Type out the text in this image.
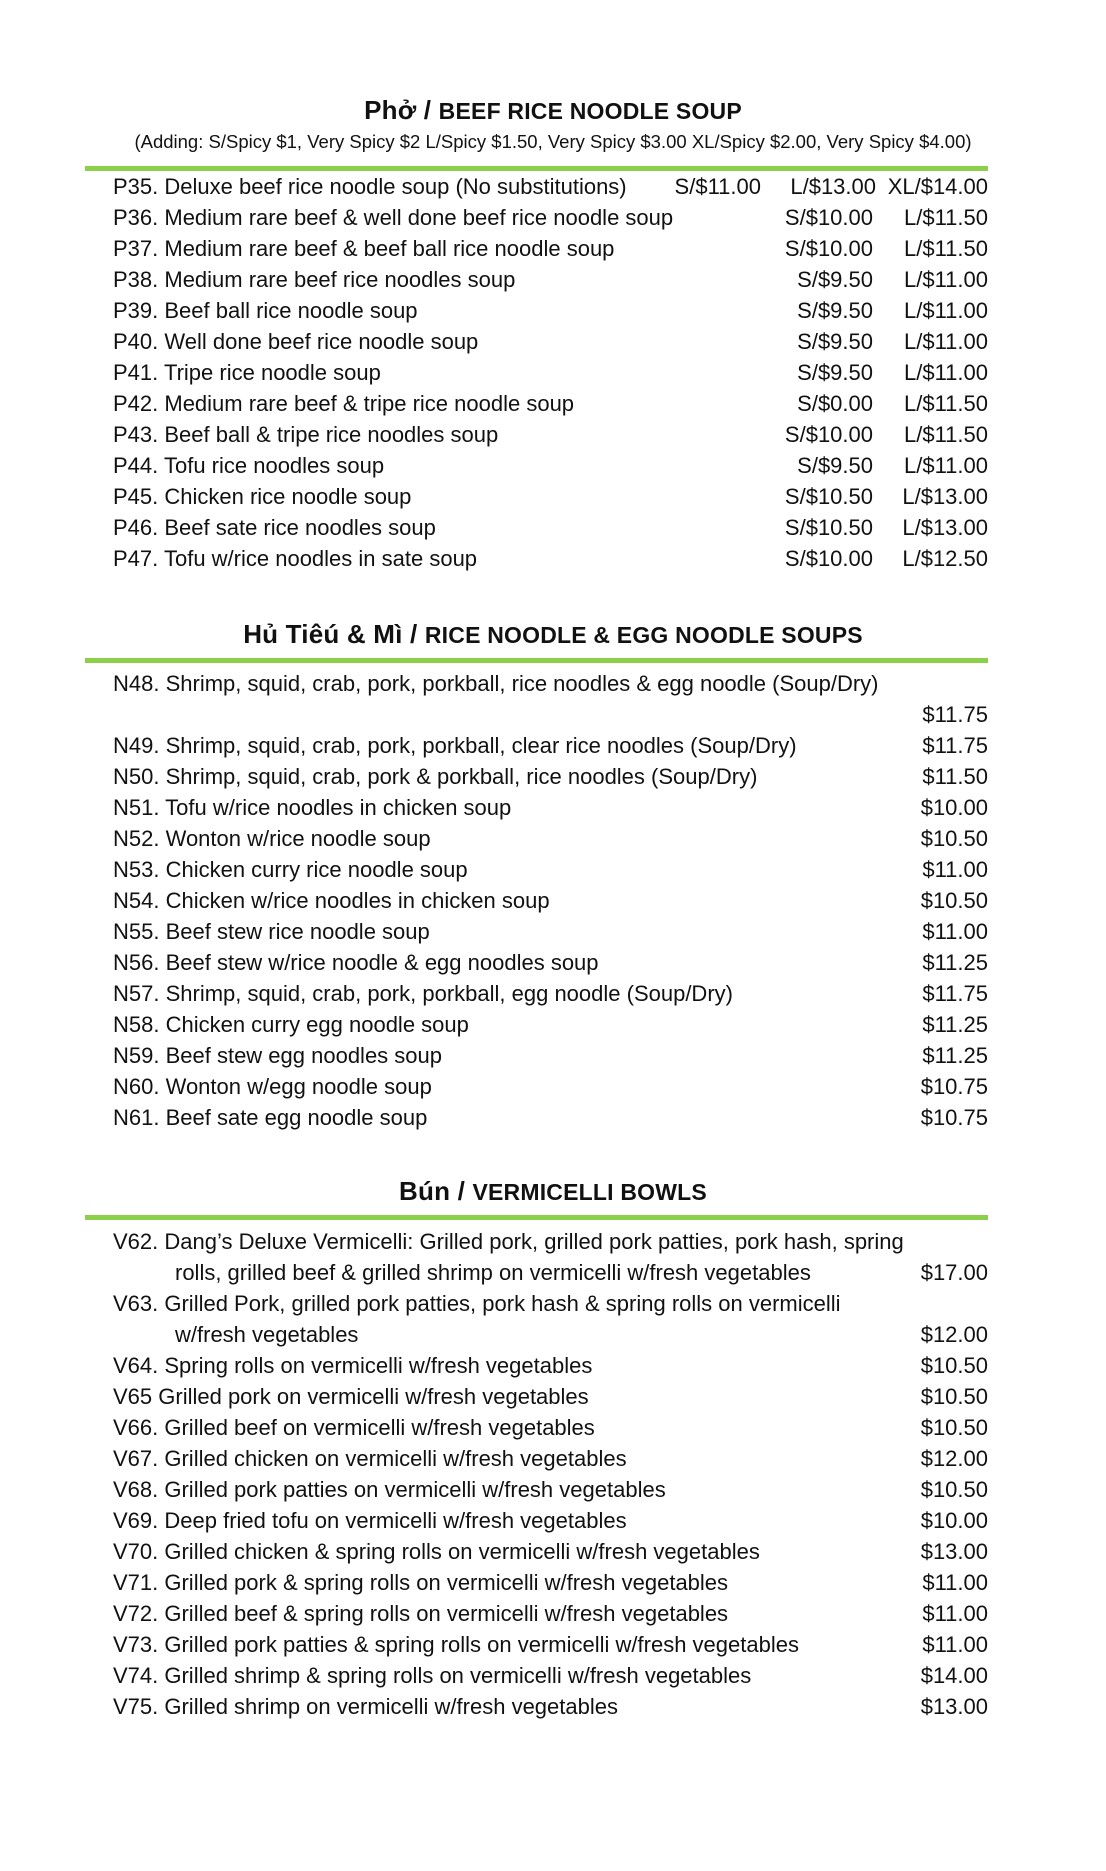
Phở / BEEF RICE NOODLE SOUP
(Adding: S/Spicy $1, Very Spicy $2 L/Spicy $1.50, Very Spicy $3.00 XL/Spicy $2.00, Very Spicy $4.00)
P35. Deluxe beef rice noodle soup (No substitutions) S/$11.00 L/$13.00 XL/$14.00
P36. Medium rare beef & well done beef rice noodle soup	S/$10.00 L/$11.50
P37. Medium rare beef & beef ball rice noodle soup	S/$10.00 L/$11.50
P38. Medium rare beef rice noodles soup	S/$9.50 L/$11.00
P39. Beef ball rice noodle soup	S/$9.50 L/$11.00
P40. Well done beef rice noodle soup	S/$9.50 L/$11.00
P41. Tripe rice noodle soup	S/$9.50 L/$11.00
P42. Medium rare beef & tripe rice noodle soup	S/$0.00 L/$11.50
P43. Beef ball & tripe rice noodles soup	S/$10.00 L/$11.50
P44. Tofu rice noodles soup	S/$9.50 L/$11.00
P45. Chicken rice noodle soup	S/$10.50 L/$13.00
P46. Beef sate rice noodles soup	S/$10.50 L/$13.00
P47. Tofu w/rice noodles in sate soup	S/$10.00 L/$12.50
Hủ Tiêú & Mì / RICE NOODLE & EGG NOODLE SOUPS
N48. Shrimp, squid, crab, pork, porkball, rice noodles & egg noodle (Soup/Dry)
$11.75
N49. Shrimp, squid, crab, pork, porkball, clear rice noodles (Soup/Dry)	$11.75
N50. Shrimp, squid, crab, pork & porkball, rice noodles (Soup/Dry)	$11.50
N51. Tofu w/rice noodles in chicken soup	$10.00
N52. Wonton w/rice noodle soup	$10.50
N53. Chicken curry rice noodle soup	$11.00
N54. Chicken w/rice noodles in chicken soup	$10.50
N55. Beef stew rice noodle soup	$11.00
N56. Beef stew w/rice noodle & egg noodles soup	$11.25
N57. Shrimp, squid, crab, pork, porkball, egg noodle (Soup/Dry)	$11.75
N58. Chicken curry egg noodle soup	$11.25
N59. Beef stew egg noodles soup	$11.25
N60. Wonton w/egg noodle soup	$10.75
N61. Beef sate egg noodle soup	$10.75
Bún / VERMICELLI BOWLS
V62. Dang’s Deluxe Vermicelli: Grilled pork, grilled pork patties, pork hash, spring
rolls, grilled beef & grilled shrimp on vermicelli w/fresh vegetables	$17.00
V63. Grilled Pork, grilled pork patties, pork hash & spring rolls on vermicelli
w/fresh vegetables	$12.00
V64. Spring rolls on vermicelli w/fresh vegetables	$10.50
V65 Grilled pork on vermicelli w/fresh vegetables	$10.50
V66. Grilled beef on vermicelli w/fresh vegetables	$10.50
V67. Grilled chicken on vermicelli w/fresh vegetables	$12.00
V68. Grilled pork patties on vermicelli w/fresh vegetables	$10.50
V69. Deep fried tofu on vermicelli w/fresh vegetables	$10.00
V70. Grilled chicken & spring rolls on vermicelli w/fresh vegetables	$13.00
V71. Grilled pork & spring rolls on vermicelli w/fresh vegetables	$11.00
V72. Grilled beef & spring rolls on vermicelli w/fresh vegetables	$11.00
V73. Grilled pork patties & spring rolls on vermicelli w/fresh vegetables	$11.00
V74. Grilled shrimp & spring rolls on vermicelli w/fresh vegetables	$14.00
V75. Grilled shrimp on vermicelli w/fresh vegetables	$13.00
